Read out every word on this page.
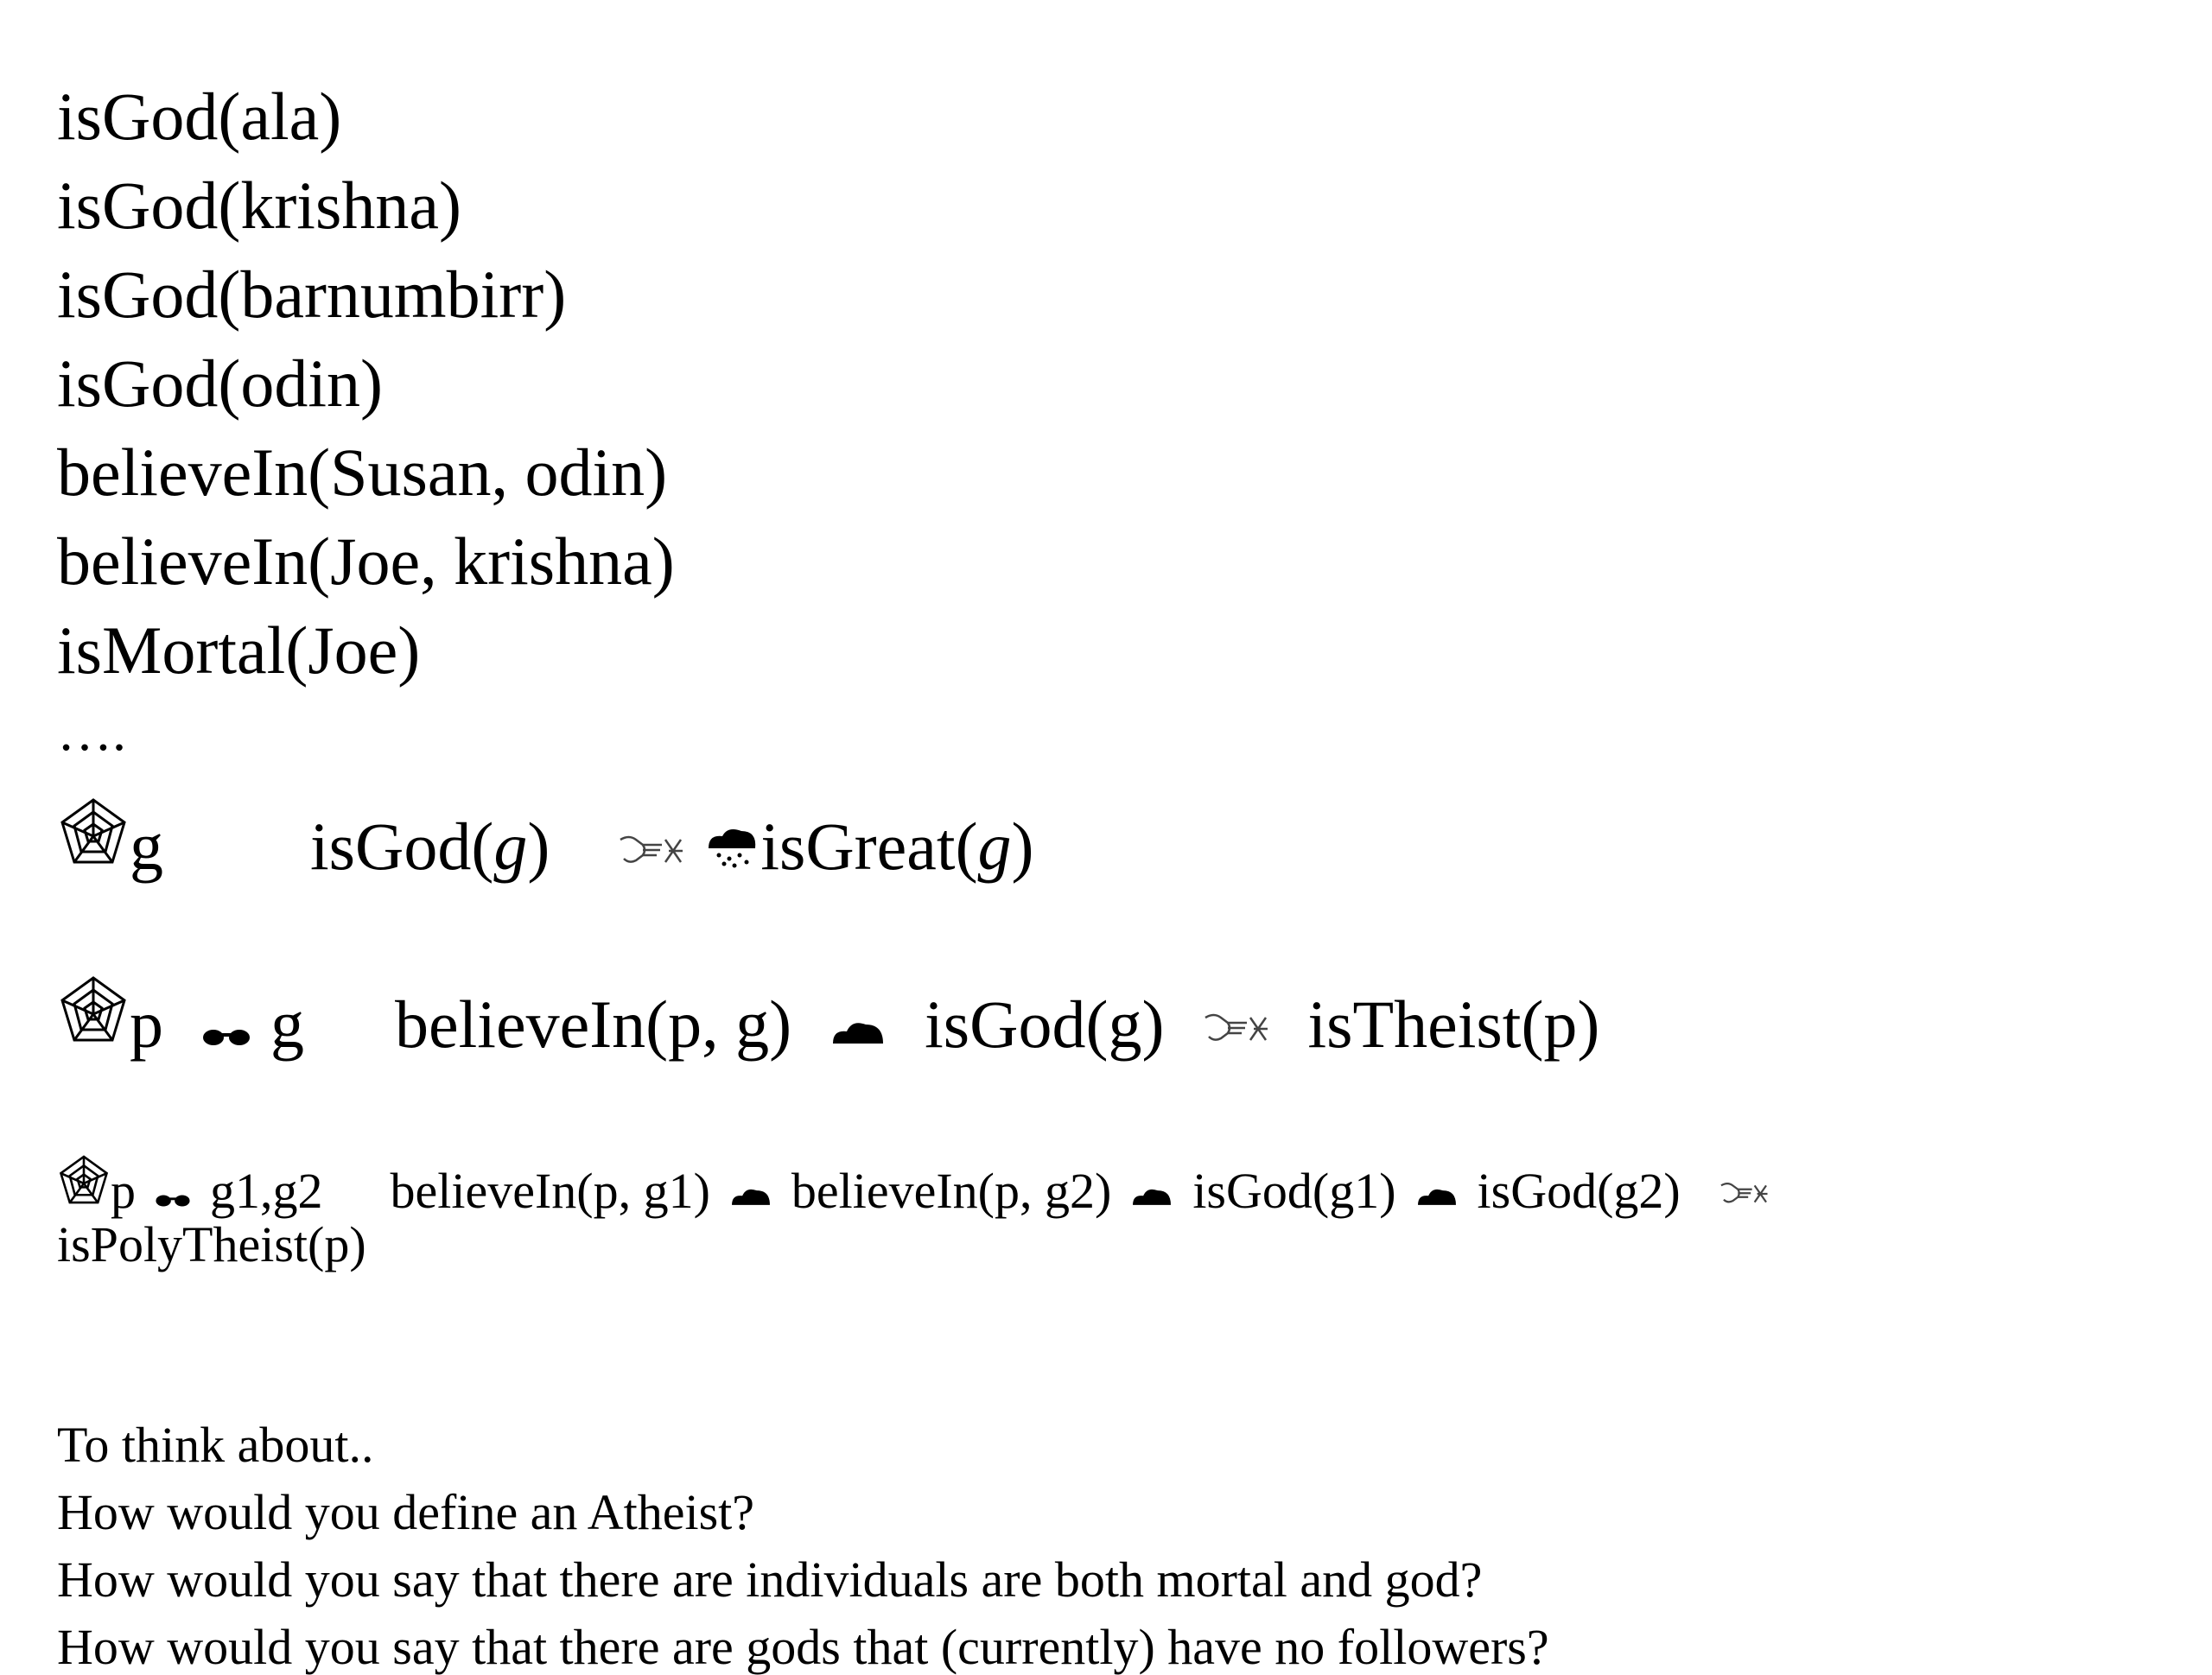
isGod(ala)
isGod(krishna)
isGod(barnumbirr)
isGod(odin)
believeIn(Susan, odin)
believeIn(Joe, krishna)
isMortal(Joe)
….
g isGod(g)	isGreat(g)
p g believeIn(p, g) isGod(g) isTheist(p)
p g1,g2 believeIn(p, g1) believeIn(p, g2) isGod(g1) isGod(g2)
isPolyTheist(p)
To think about..
How would you define an Atheist?
How would you say that there are individuals are both mortal and god?
How would you say that there are gods that (currently) have no followers?
